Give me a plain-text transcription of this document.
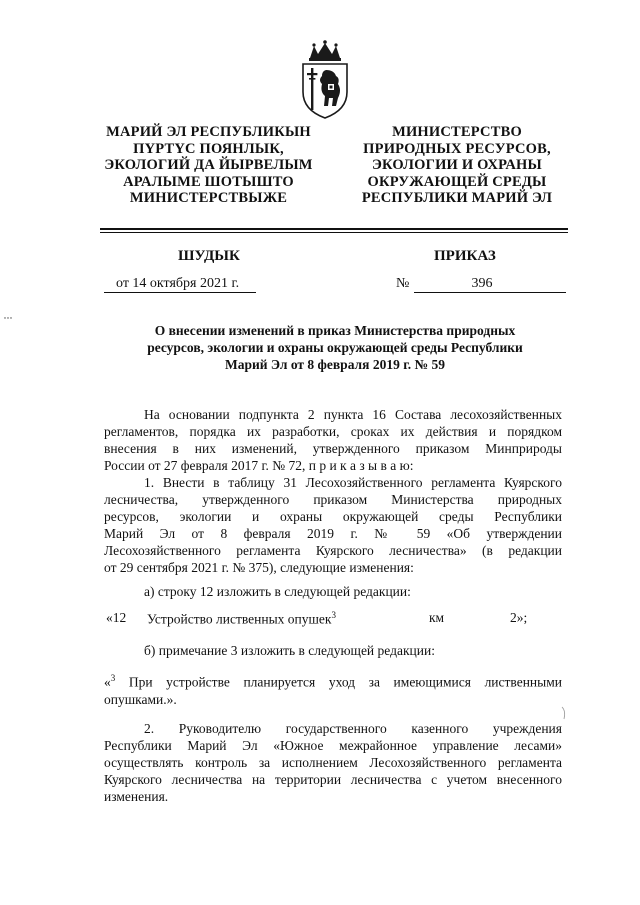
МАРИЙ ЭЛ РЕСПУБЛИКЫН
ПҮРТҮС ПОЯНЛЫК,
ЭКОЛОГИЙ ДА ЙЫРВЕЛЫМ
АРАЛЫМЕ ШОТЫШТО
МИНИСТЕРСТВЫЖЕ
МИНИСТЕРСТВО
ПРИРОДНЫХ РЕСУРСОВ,
ЭКОЛОГИИ И ОХРАНЫ
ОКРУЖАЮЩЕЙ СРЕДЫ
РЕСПУБЛИКИ МАРИЙ ЭЛ
ШУДЫК	ПРИКАЗ
от 14 октября 2021 г.	№	396
О внесении изменений в приказ Министерства природных
ресурсов, экологии и охраны окружающей среды Республики
Марий Эл от 8 февраля 2019 г. № 59
На основании подпункта 2 пункта 16 Состава лесохозяйственных
регламентов, порядка их разработки, сроках их действия и порядком
внесения в них изменений, утвержденного приказом Минприроды
России от 27 февраля 2017 г. № 72, п р и к а з ы в а ю:
1. Внести в таблицу 31 Лесохозяйственного регламента Куярского
лесничества, утвержденного приказом Министерства природных
ресурсов, экологии и охраны окружающей среды Республики
Марий Эл от 8 февраля 2019 г. № 59 «Об утверждении
Лесохозяйственного регламента Куярского лесничества» (в редакции
от 29 сентября 2021 г. № 375), следующие изменения:
а) строку 12 изложить в следующей редакции:
«12 Устройство лиственных опушек$^3$	км	2»;
б) примечание 3 изложить в следующей редакции:
«$^3$ При устройстве планируется уход за имеющимися лиственными
опушками.».
2. Руководителю государственного казенного учреждения
Республики Марий Эл «Южное межрайонное управление лесами»
осуществлять контроль за исполнением Лесохозяйственного регламента
Куярского лесничества на территории лесничества с учетом внесенного
изменения.
